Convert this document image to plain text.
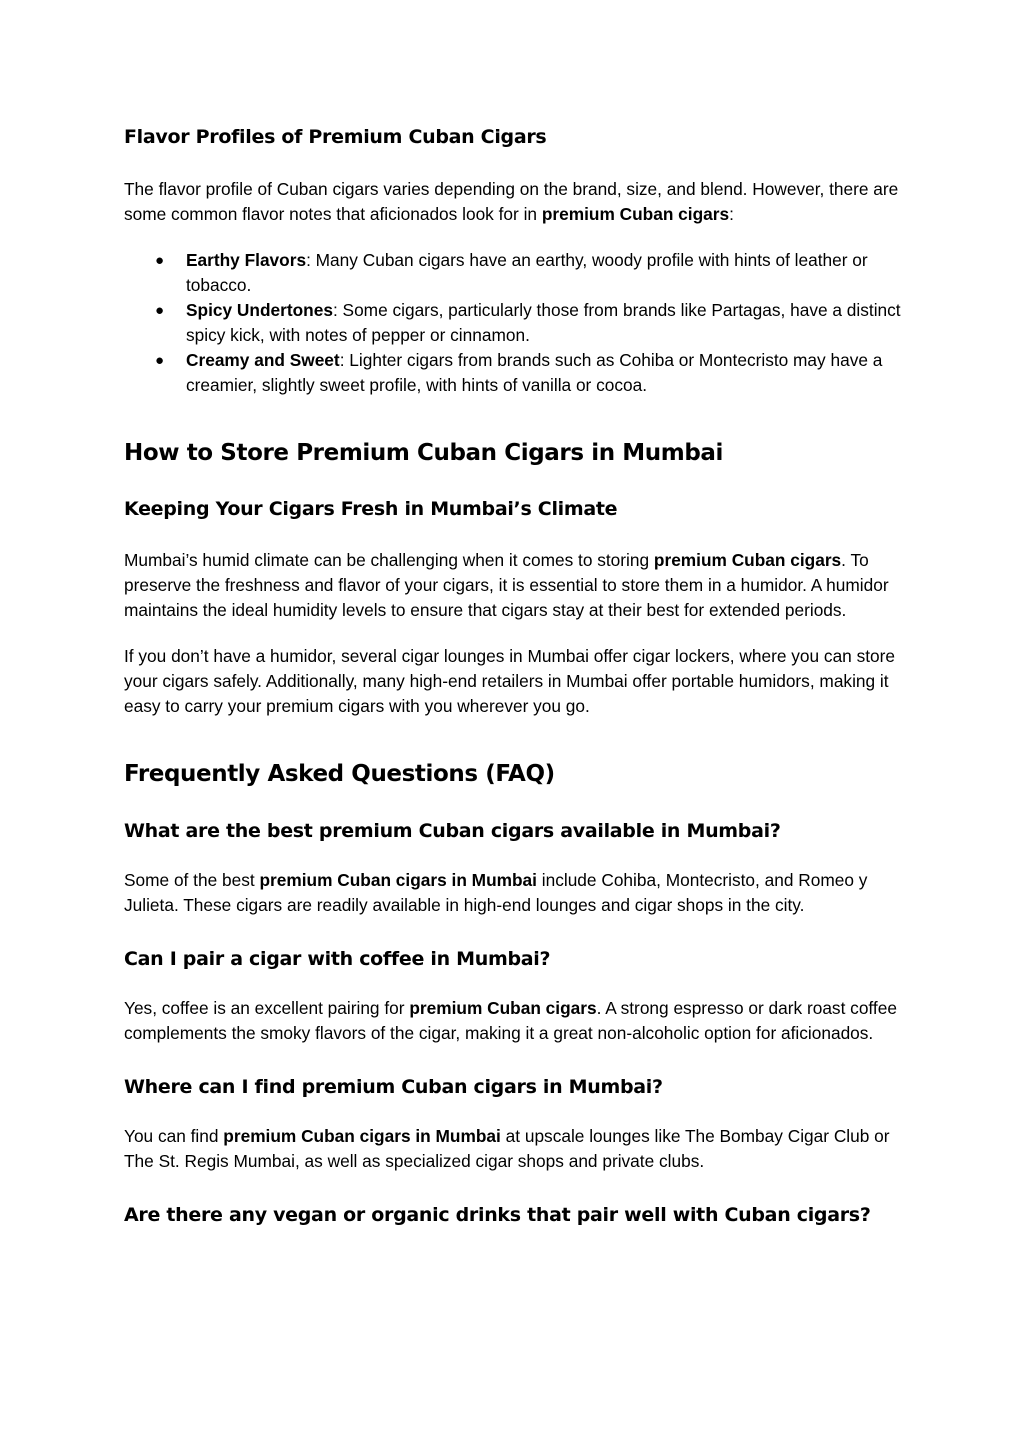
Flavor Profiles of Premium Cuban Cigars

The flavor profile of Cuban cigars varies depending on the brand, size, and blend. However, there are some common flavor notes that aficionados look for in premium Cuban cigars:

● Earthy Flavors: Many Cuban cigars have an earthy, woody profile with hints of leather or tobacco.
● Spicy Undertones: Some cigars, particularly those from brands like Partagas, have a distinct spicy kick, with notes of pepper or cinnamon.
● Creamy and Sweet: Lighter cigars from brands such as Cohiba or Montecristo may have a creamier, slightly sweet profile, with hints of vanilla or cocoa.
How to Store Premium Cuban Cigars in Mumbai
Keeping Your Cigars Fresh in Mumbai’s Climate

Mumbai’s humid climate can be challenging when it comes to storing premium Cuban cigars. To preserve the freshness and flavor of your cigars, it is essential to store them in a humidor. A humidor maintains the ideal humidity levels to ensure that cigars stay at their best for extended periods.

If you don’t have a humidor, several cigar lounges in Mumbai offer cigar lockers, where you can store your cigars safely. Additionally, many high-end retailers in Mumbai offer portable humidors, making it easy to carry your premium cigars with you wherever you go.

Frequently Asked Questions (FAQ)
What are the best premium Cuban cigars available in Mumbai?

Some of the best premium Cuban cigars in Mumbai include Cohiba, Montecristo, and Romeo y Julieta. These cigars are readily available in high-end lounges and cigar shops in the city.

Can I pair a cigar with coffee in Mumbai?

Yes, coffee is an excellent pairing for premium Cuban cigars. A strong espresso or dark roast coffee complements the smoky flavors of the cigar, making it a great non-alcoholic option for aficionados.

Where can I find premium Cuban cigars in Mumbai?

You can find premium Cuban cigars in Mumbai at upscale lounges like The Bombay Cigar Club or The St. Regis Mumbai, as well as specialized cigar shops and private clubs.

Are there any vegan or organic drinks that pair well with Cuban cigars?
